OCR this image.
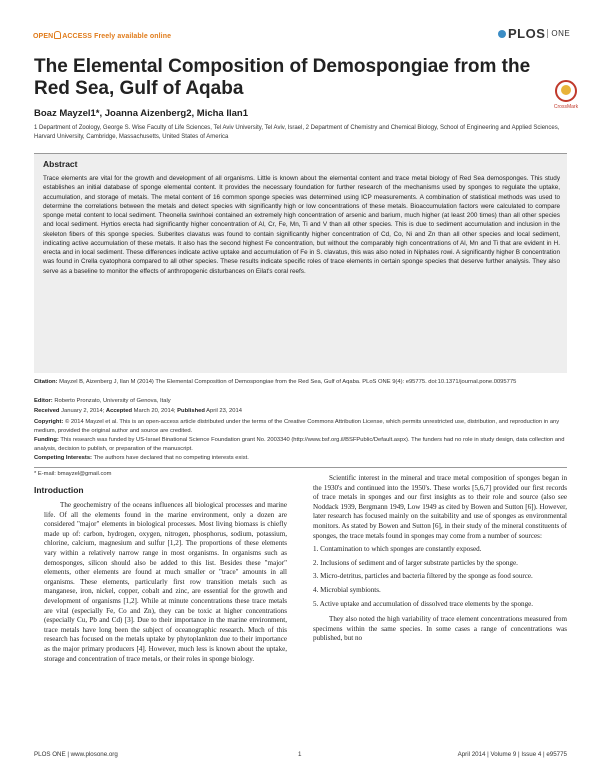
OPEN ACCESS Freely available online	PLOS ONE
The Elemental Composition of Demospongiae from the Red Sea, Gulf of Aqaba
CrossMark
Boaz Mayzel1*, Joanna Aizenberg2, Micha Ilan1
1 Department of Zoology, George S. Wise Faculty of Life Sciences, Tel Aviv University, Tel Aviv, Israel, 2 Department of Chemistry and Chemical Biology, School of Engineering and Applied Sciences, Harvard University, Cambridge, Massachusetts, United States of America
Abstract

Trace elements are vital for the growth and development of all organisms. Little is known about the elemental content and trace metal biology of Red Sea demosponges. This study establishes an initial database of sponge elemental content. It provides the necessary foundation for further research of the mechanisms used by sponges to regulate the uptake, accumulation, and storage of metals. The metal content of 16 common sponge species was determined using ICP measurements. A combination of statistical methods was used to determine the correlations between the metals and detect species with significantly high or low concentrations of these metals. Bioaccumulation factors were calculated to compare sponge metal content to local sediment. Theonella swinhoei contained an extremely high concentration of arsenic and barium, much higher (at least 200 times) than all other species and local sediment. Hyrtios erecta had significantly higher concentration of Al, Cr, Fe, Mn, Ti and V than all other species. This is due to sediment accumulation and inclusion in the skeleton fibers of this sponge species. Suberites clavatus was found to contain significantly higher concentration of Cd, Co, Ni and Zn than all other species and local sediment, indicating active accumulation of these metals. It also has the second highest Fe concentration, but without the comparably high concentrations of Al, Mn and Ti that are evident in H. erecta and in local sediment. These differences indicate active uptake and accumulation of Fe in S. clavatus, this was also noted in Niphates rowi. A significantly higher B concentration was found in Crella cyatophora compared to all other species. These results indicate specific roles of trace elements in certain sponge species that deserve further analysis. They also serve as a baseline to monitor the effects of anthropogenic disturbances on Eilat's coral reefs.

Citation: Mayzel B, Aizenberg J, Ilan M (2014) The Elemental Composition of Demospongiae from the Red Sea, Gulf of Aqaba. PLoS ONE 9(4): e95775. doi:10.1371/journal.pone.0095775
Editor: Roberto Pronzato, University of Genova, Italy
Received January 2, 2014; Accepted March 20, 2014; Published April 23, 2014
Copyright: © 2014 Mayzel et al. This is an open-access article distributed under the terms of the Creative Commons Attribution License, which permits unrestricted use, distribution, and reproduction in any medium, provided the original author and source are credited.
Funding: This research was funded by US-Israel Binational Science Foundation grant No. 2003340 (http://www.bsf.org.il/BSFPublic/Default.aspx). The funders had no role in study design, data collection and analysis, decision to publish, or preparation of the manuscript.
Competing Interests: The authors have declared that no competing interests exist.
* E-mail: bmayzel@gmail.com
Introduction

The geochemistry of the oceans influences all biological processes and marine life. Of all the elements found in the marine environment, only a dozen are considered "major" elements in biological processes. Most living biomass is chiefly made up of: carbon, hydrogen, oxygen, nitrogen, phosphorus, sodium, potassium, chlorine, calcium, magnesium and sulfur [1,2]. The proportions of these elements vary within a relatively narrow range in most organisms. In organisms such as demosponges, silicon should also be added to this list. Besides these "major" elements, other elements are found at much smaller or "trace" amounts in all organisms. These elements, particularly first row transition metals such as manganese, iron, nickel, copper, cobalt and zinc, are essential for the growth and development of organisms [1,2]. While at minute concentrations these trace metals are vital (especially Fe, Co and Zn), they can be toxic at higher concentrations (especially Cu, Pb and Cd) [3]. Due to their importance in the marine environment, trace metals have long been the subject of oceanographic research. Much of this research has focused on the metals uptake by phytoplankton due to their importance as the major primary producers [4]. However, much less is known about the uptake, storage and concentration of trace metals, or their roles in sponge biology.

Scientific interest in the mineral and trace metal composition of sponges began in the 1930's and continued into the 1950's. These works [5,6,7] provided our first records of trace metals in sponges and our first insights as to their role and source (also see Noddack 1939, Bergmann 1949, Low 1949 as cited by Bowen and Sutton [6]). However, later research has focused mainly on the suitability and use of sponges as environmental monitors. As stated by Bowen and Sutton [6], in their study of the mineral constituents of sponges, the trace metals found in sponges may come from a number of sources:

1. Contamination to which sponges are constantly exposed.
2. Inclusions of sediment and of larger substrate particles by the sponge.
3. Micro-detritus, particles and bacteria filtered by the sponge as food source.
4. Microbial symbionts.
5. Active uptake and accumulation of dissolved trace elements by the sponge.

They also noted the high variability of trace element concentrations measured from specimens within the same species. In some cases a range of concentrations was published, but no

PLOS ONE | www.plosone.org	1	April 2014 | Volume 9 | Issue 4 | e95775
